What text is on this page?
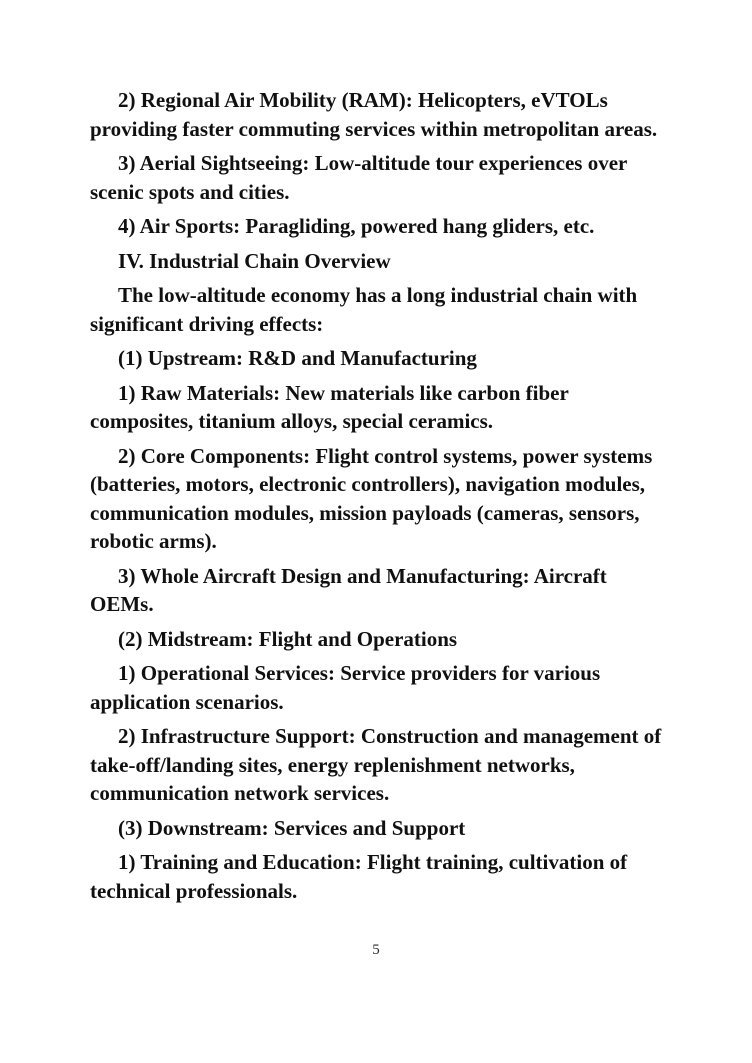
2) Regional Air Mobility (RAM): Helicopters, eVTOLs providing faster commuting services within metropolitan areas.

3) Aerial Sightseeing: Low-altitude tour experiences over scenic spots and cities.

4) Air Sports: Paragliding, powered hang gliders, etc.

IV. Industrial Chain Overview

The low-altitude economy has a long industrial chain with significant driving effects:

(1) Upstream: R&D and Manufacturing

1) Raw Materials: New materials like carbon fiber composites, titanium alloys, special ceramics.

2) Core Components: Flight control systems, power systems (batteries, motors, electronic controllers), navigation modules, communication modules, mission payloads (cameras, sensors, robotic arms).

3) Whole Aircraft Design and Manufacturing: Aircraft OEMs.

(2) Midstream: Flight and Operations

1) Operational Services: Service providers for various application scenarios.

2) Infrastructure Support: Construction and management of take-off/landing sites, energy replenishment networks, communication network services.

(3) Downstream: Services and Support

1) Training and Education: Flight training, cultivation of technical professionals.

5
